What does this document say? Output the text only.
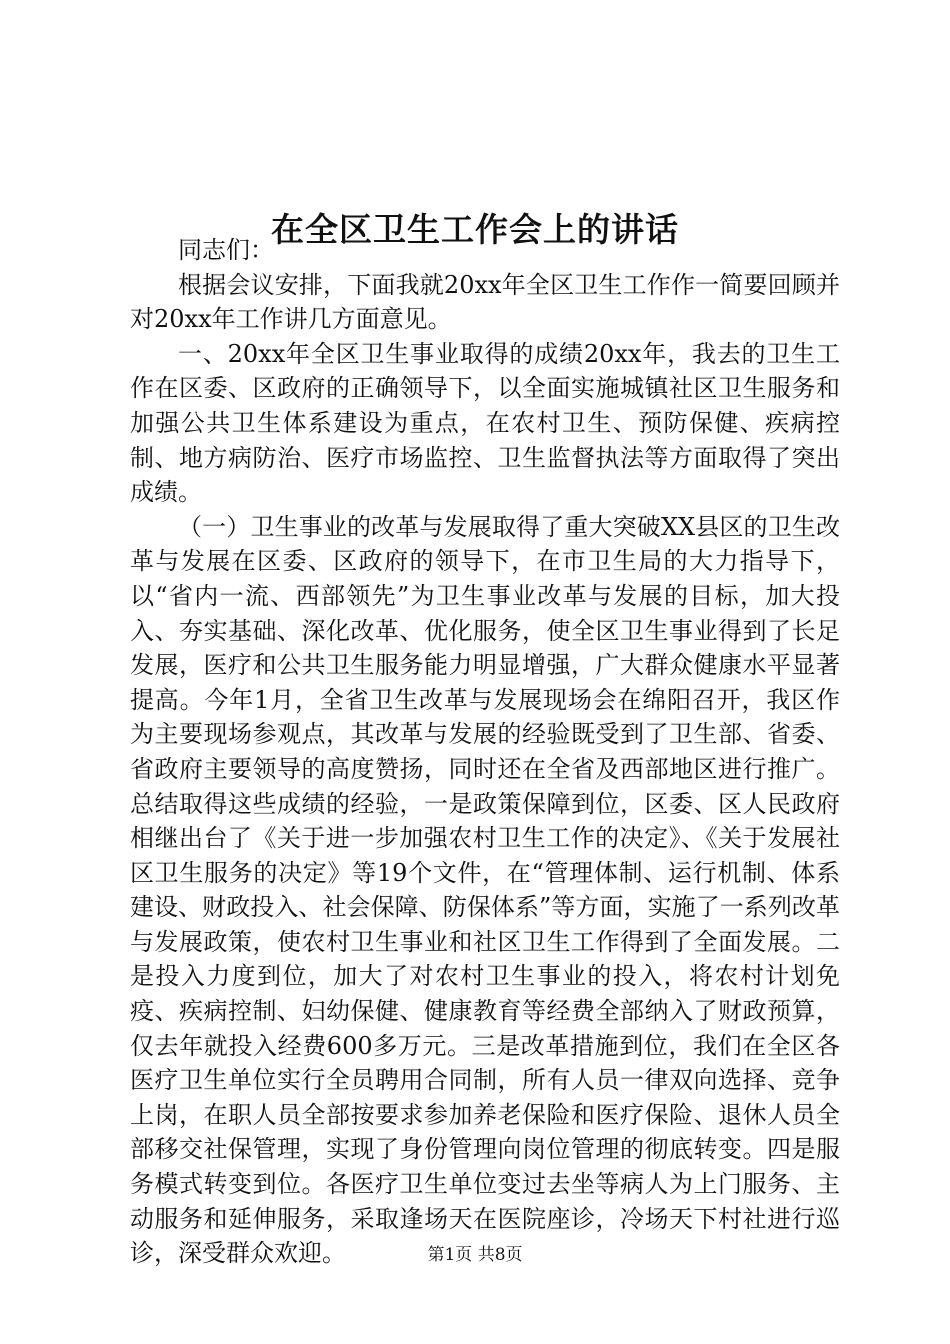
在全区卫生工作会上的讲话

同志们：

根据会议安排，下面我就20xx年全区卫生工作作一简要回顾并对20xx年工作讲几方面意见。

一、20xx年全区卫生事业取得的成绩20xx年，我去的卫生工作在区委、区政府的正确领导下，以全面实施城镇社区卫生服务和加强公共卫生体系建设为重点，在农村卫生、预防保健、疾病控制、地方病防治、医疗市场监控、卫生监督执法等方面取得了突出成绩。

（一）卫生事业的改革与发展取得了重大突破XX县区的卫生改革与发展在区委、区政府的领导下，在市卫生局的大力指导下，以“省内一流、西部领先”为卫生事业改革与发展的目标，加大投入、夯实基础、深化改革、优化服务，使全区卫生事业得到了长足发展，医疗和公共卫生服务能力明显增强，广大群众健康水平显著提高。今年1月，全省卫生改革与发展现场会在绵阳召开，我区作为主要现场参观点，其改革与发展的经验既受到了卫生部、省委、省政府主要领导的高度赞扬，同时还在全省及西部地区进行推广。总结取得这些成绩的经验，一是政策保障到位，区委、区人民政府相继出台了《关于进一步加强农村卫生工作的决定》、《关于发展社区卫生服务的决定》等19个文件，在“管理体制、运行机制、体系建设、财政投入、社会保障、防保体系”等方面，实施了一系列改革与发展政策，使农村卫生事业和社区卫生工作得到了全面发展。二是投入力度到位，加大了对农村卫生事业的投入，将农村计划免疫、疾病控制、妇幼保健、健康教育等经费全部纳入了财政预算，仅去年就投入经费600多万元。三是改革措施到位，我们在全区各医疗卫生单位实行全员聘用合同制，所有人员一律双向选择、竞争上岗，在职人员全部按要求参加养老保险和医疗保险、退休人员全部移交社保管理，实现了身份管理向岗位管理的彻底转变。四是服务模式转变到位。各医疗卫生单位变过去坐等病人为上门服务、主动服务和延伸服务，采取逢场天在医院座诊，冷场天下村社进行巡诊，深受群众欢迎。	第1页 共8页
